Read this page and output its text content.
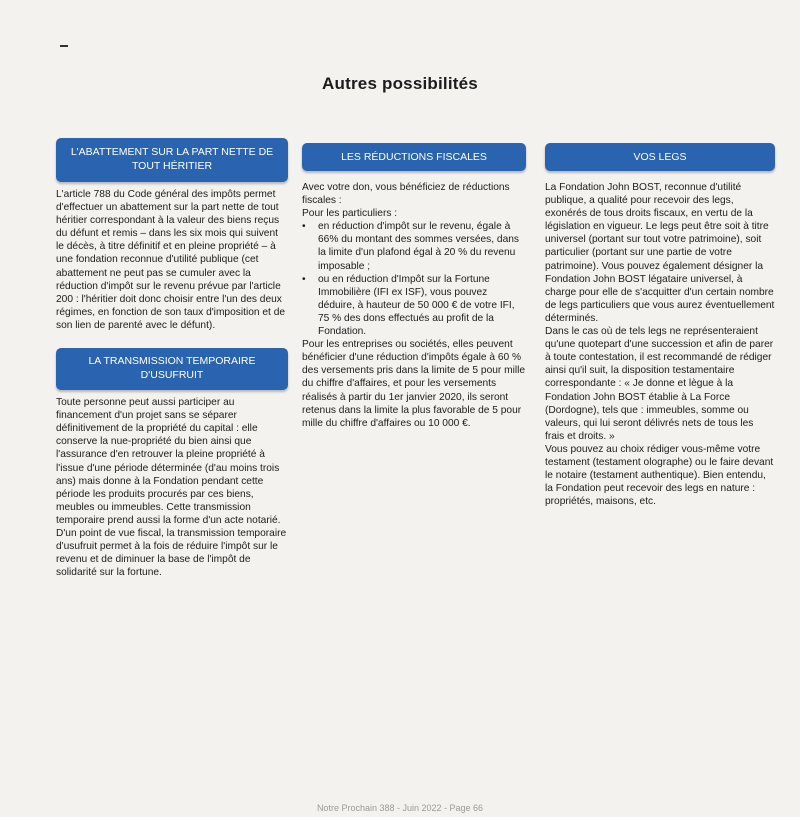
Autres possibilités
L'ABATTEMENT SUR LA PART NETTE DE TOUT HÉRITIER
L'article 788 du Code général des impôts permet d'effectuer un abattement sur la part nette de tout héritier correspondant à la valeur des biens reçus du défunt et remis – dans les six mois qui suivent le décès, à titre définitif et en pleine propriété – à une fondation reconnue d'utilité publique (cet abattement ne peut pas se cumuler avec la réduction d'impôt sur le revenu prévue par l'article 200 : l'héritier doit donc choisir entre l'un des deux régimes, en fonction de son taux d'imposition et de son lien de parenté avec le défunt).
LA TRANSMISSION TEMPORAIRE D'USUFRUIT
Toute personne peut aussi participer au financement d'un projet sans se séparer définitivement de la propriété du capital : elle conserve la nue-propriété du bien ainsi que l'assurance d'en retrouver la pleine propriété à l'issue d'une période déterminée (d'au moins trois ans) mais donne à la Fondation pendant cette période les produits procurés par ces biens, meubles ou immeubles. Cette transmission temporaire prend aussi la forme d'un acte notarié. D'un point de vue fiscal, la transmission temporaire d'usufruit permet à la fois de réduire l'impôt sur le revenu et de diminuer la base de l'impôt de solidarité sur la fortune.
LES RÉDUCTIONS FISCALES

Avec votre don, vous bénéficiez de réductions fiscales :

Pour les particuliers :

•	en réduction d'impôt sur le revenu, égale à 66% du montant des sommes versées, dans la limite d'un plafond égal à 20 % du revenu imposable ;
•	ou en réduction d'Impôt sur la Fortune Immobilière (IFI ex ISF), vous pouvez déduire, à hauteur de 50 000 € de votre IFI, 75 % des dons effectués au profit de la Fondation.

Pour les entreprises ou sociétés, elles peuvent bénéficier d'une réduction d'impôts égale à 60 % des versements pris dans la limite de 5 pour mille du chiffre d'affaires, et pour les versements réalisés à partir du 1er janvier 2020, ils seront retenus dans la limite la plus favorable de 5 pour mille du chiffre d'affaires ou 10 000 €.

VOS LEGS

La Fondation John BOST, reconnue d'utilité publique, a qualité pour recevoir des legs, exonérés de tous droits fiscaux, en vertu de la législation en vigueur. Le legs peut être soit à titre universel (portant sur tout votre patrimoine), soit particulier (portant sur une partie de votre patrimoine). Vous pouvez également désigner la Fondation John BOST légataire universel, à charge pour elle de s'acquitter d'un certain nombre de legs particuliers que vous aurez éventuellement déterminés.

Dans le cas où de tels legs ne représenteraient qu'une quotepart d'une succession et afin de parer à toute contestation, il est recommandé de rédiger ainsi qu'il suit, la disposition testamentaire correspondante : « Je donne et lègue à la Fondation John BOST établie à La Force (Dordogne), tels que : immeubles, somme ou valeurs, qui lui seront délivrés nets de tous les frais et droits. »

Vous pouvez au choix rédiger vous-même votre testament (testament olographe) ou le faire devant le notaire (testament authentique). Bien entendu, la Fondation peut recevoir des legs en nature : propriétés, maisons, etc.

Notre Prochain 388 - Juin 2022 - Page 66
